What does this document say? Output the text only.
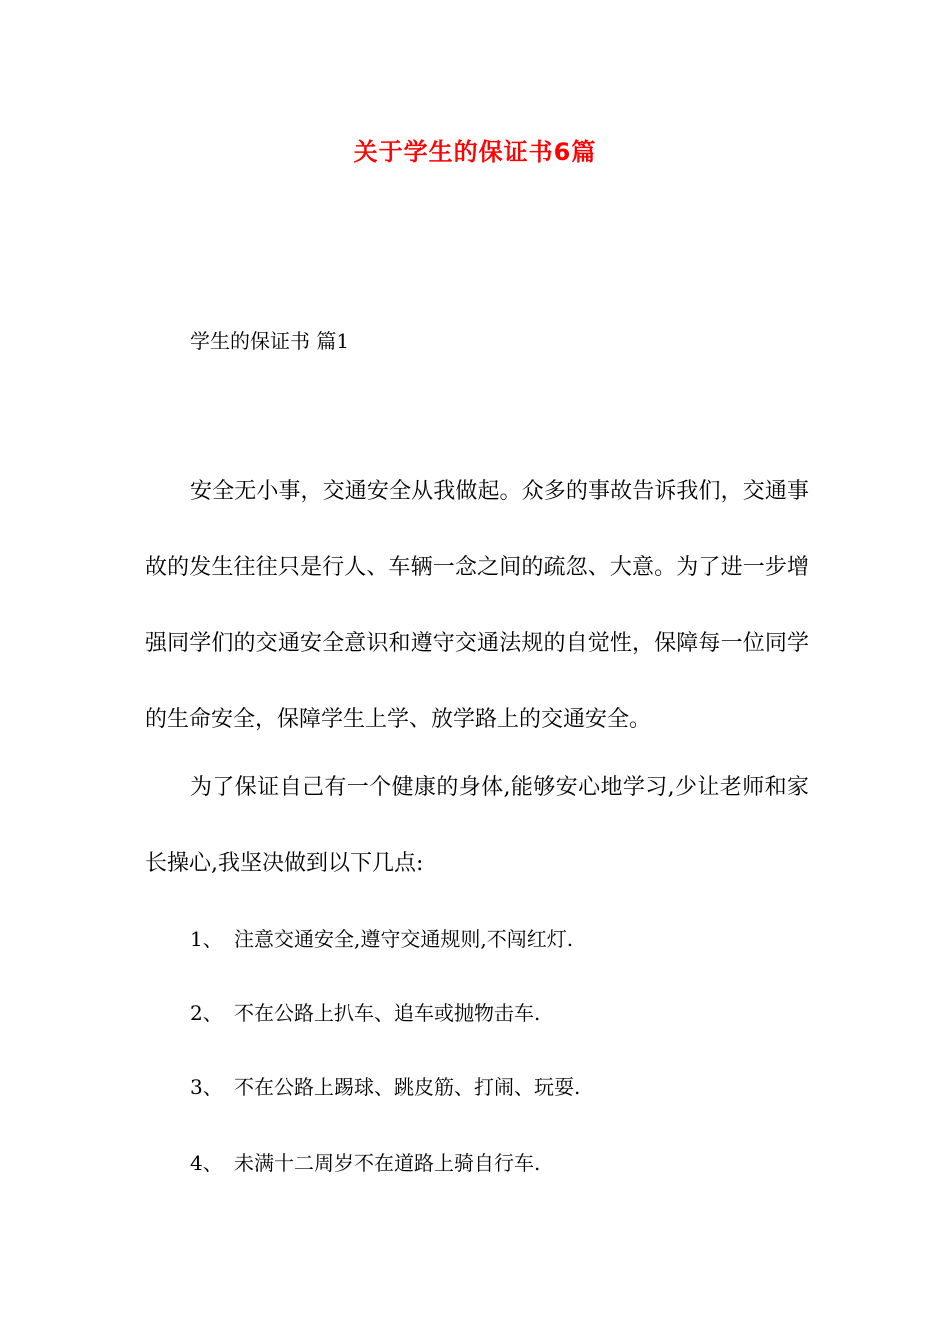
关于学生的保证书6篇
学生的保证书 篇1
安全无小事，交通安全从我做起。众多的事故告诉我们，交通事故的发生往往只是行人、车辆一念之间的疏忽、大意。为了进一步增强同学们的交通安全意识和遵守交通法规的自觉性，保障每一位同学的生命安全，保障学生上学、放学路上的交通安全。
为了保证自己有一个健康的身体,能够安心地学习,少让老师和家长操心,我坚决做到以下几点:
1、 注意交通安全,遵守交通规则,不闯红灯.
2、 不在公路上扒车、追车或抛物击车.
3、 不在公路上踢球、跳皮筋、打闹、玩耍.
4、 未满十二周岁不在道路上骑自行车.
